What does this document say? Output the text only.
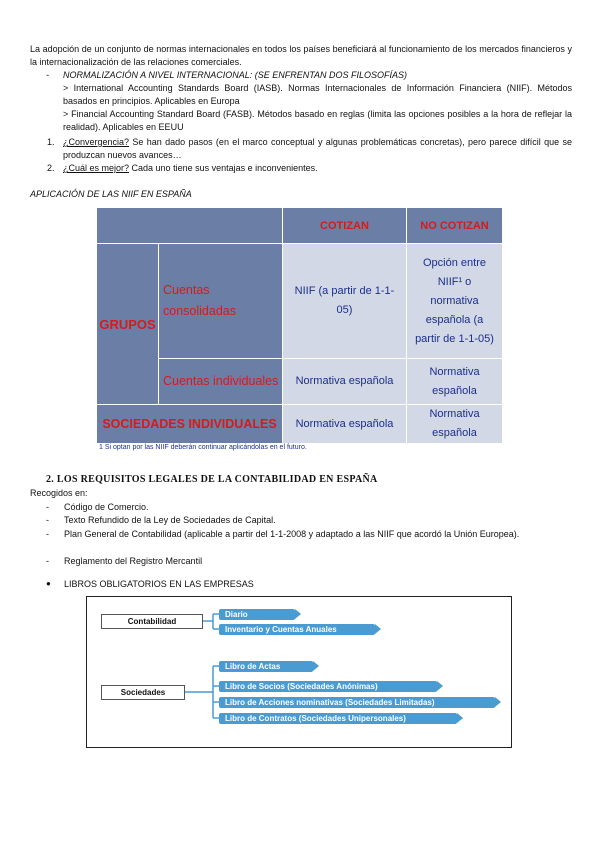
La adopción de un conjunto de normas internacionales en todos los países beneficiará al funcionamiento de los mercados financieros y la internacionalización de las relaciones comerciales.

- NORMALIZACIÓN A NIVEL INTERNACIONAL: (SE ENFRENTAN DOS FILOSOFÍAS)

> International Accounting Standards Board (IASB). Normas Internacionales de Información Financiera (NIIF). Métodos basados en principios. Aplicables en Europa

> Financial Accounting Standard Board (FASB). Métodos basado en reglas (limita las opciones posibles a la hora de reflejar la realidad). Aplicables en EEUU

1. ¿Convergencia? Se han dado pasos (en el marco conceptual y algunas problemáticas concretas), pero parece difícil que se produzcan nuevos avances…

2. ¿Cuál es mejor? Cada uno tiene sus ventajas e inconvenientes.

APLICACIÓN DE LAS NIIF EN ESPAÑA
		COTIZAN	NO COTIZAN
GRUPOS	Cuentas consolidadas	NIIF (a partir de 1-1-05)	Opción entre NIIF¹ o normativa española (a partir de 1-1-05)
	Cuentas individuales	Normativa española	Normativa española
SOCIEDADES INDIVIDUALES		Normativa española	Normativa española
1 Si optan por las NIIF deberán continuar aplicándolas en el futuro.
2. LOS REQUISITOS LEGALES DE LA CONTABILIDAD EN ESPAÑA
Recogidos en:
- Código de Comercio.
- Texto Refundido de la Ley de Sociedades de Capital.
- Plan General de Contabilidad (aplicable a partir del 1-1-2008 y adaptado a las NIIF que acordó la Unión Europea).

- Reglamento del Registro Mercantil
● LIBROS OBLIGATORIOS EN LAS EMPRESAS
Contabilidad
Diario
Inventario y Cuentas Anuales
Sociedades
Libro de Actas
Libro de Socios (Sociedades Anónimas)
Libro de Acciones nominativas (Sociedades Limitadas)
Libro de Contratos (Sociedades Unipersonales)
